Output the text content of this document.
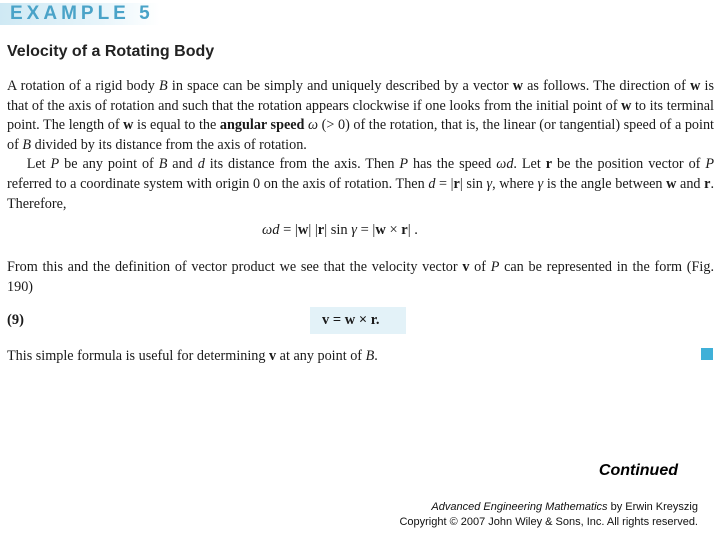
EXAMPLE 5
Velocity of a Rotating Body

A rotation of a rigid body B in space can be simply and uniquely described by a vector w as follows. The direction of w is that of the axis of rotation and such that the rotation appears clockwise if one looks from the initial point of w to its terminal point. The length of w is equal to the angular speed ω (> 0) of the rotation, that is, the linear (or tangential) speed of a point of B divided by its distance from the axis of rotation.
Let P be any point of B and d its distance from the axis. Then P has the speed ωd. Let r be the position vector of P referred to a coordinate system with origin 0 on the axis of rotation. Then d = |r| sin γ, where γ is the angle between w and r. Therefore,

ωd = |w| |r| sin γ = |w × r| .

From this and the definition of vector product we see that the velocity vector v of P can be represented in the form (Fig. 190)

(9)	v = w × r.

This simple formula is useful for determining v at any point of B.

Continued
Advanced Engineering Mathematics by Erwin Kreyszig
Copyright © 2007 John Wiley & Sons, Inc. All rights reserved.
